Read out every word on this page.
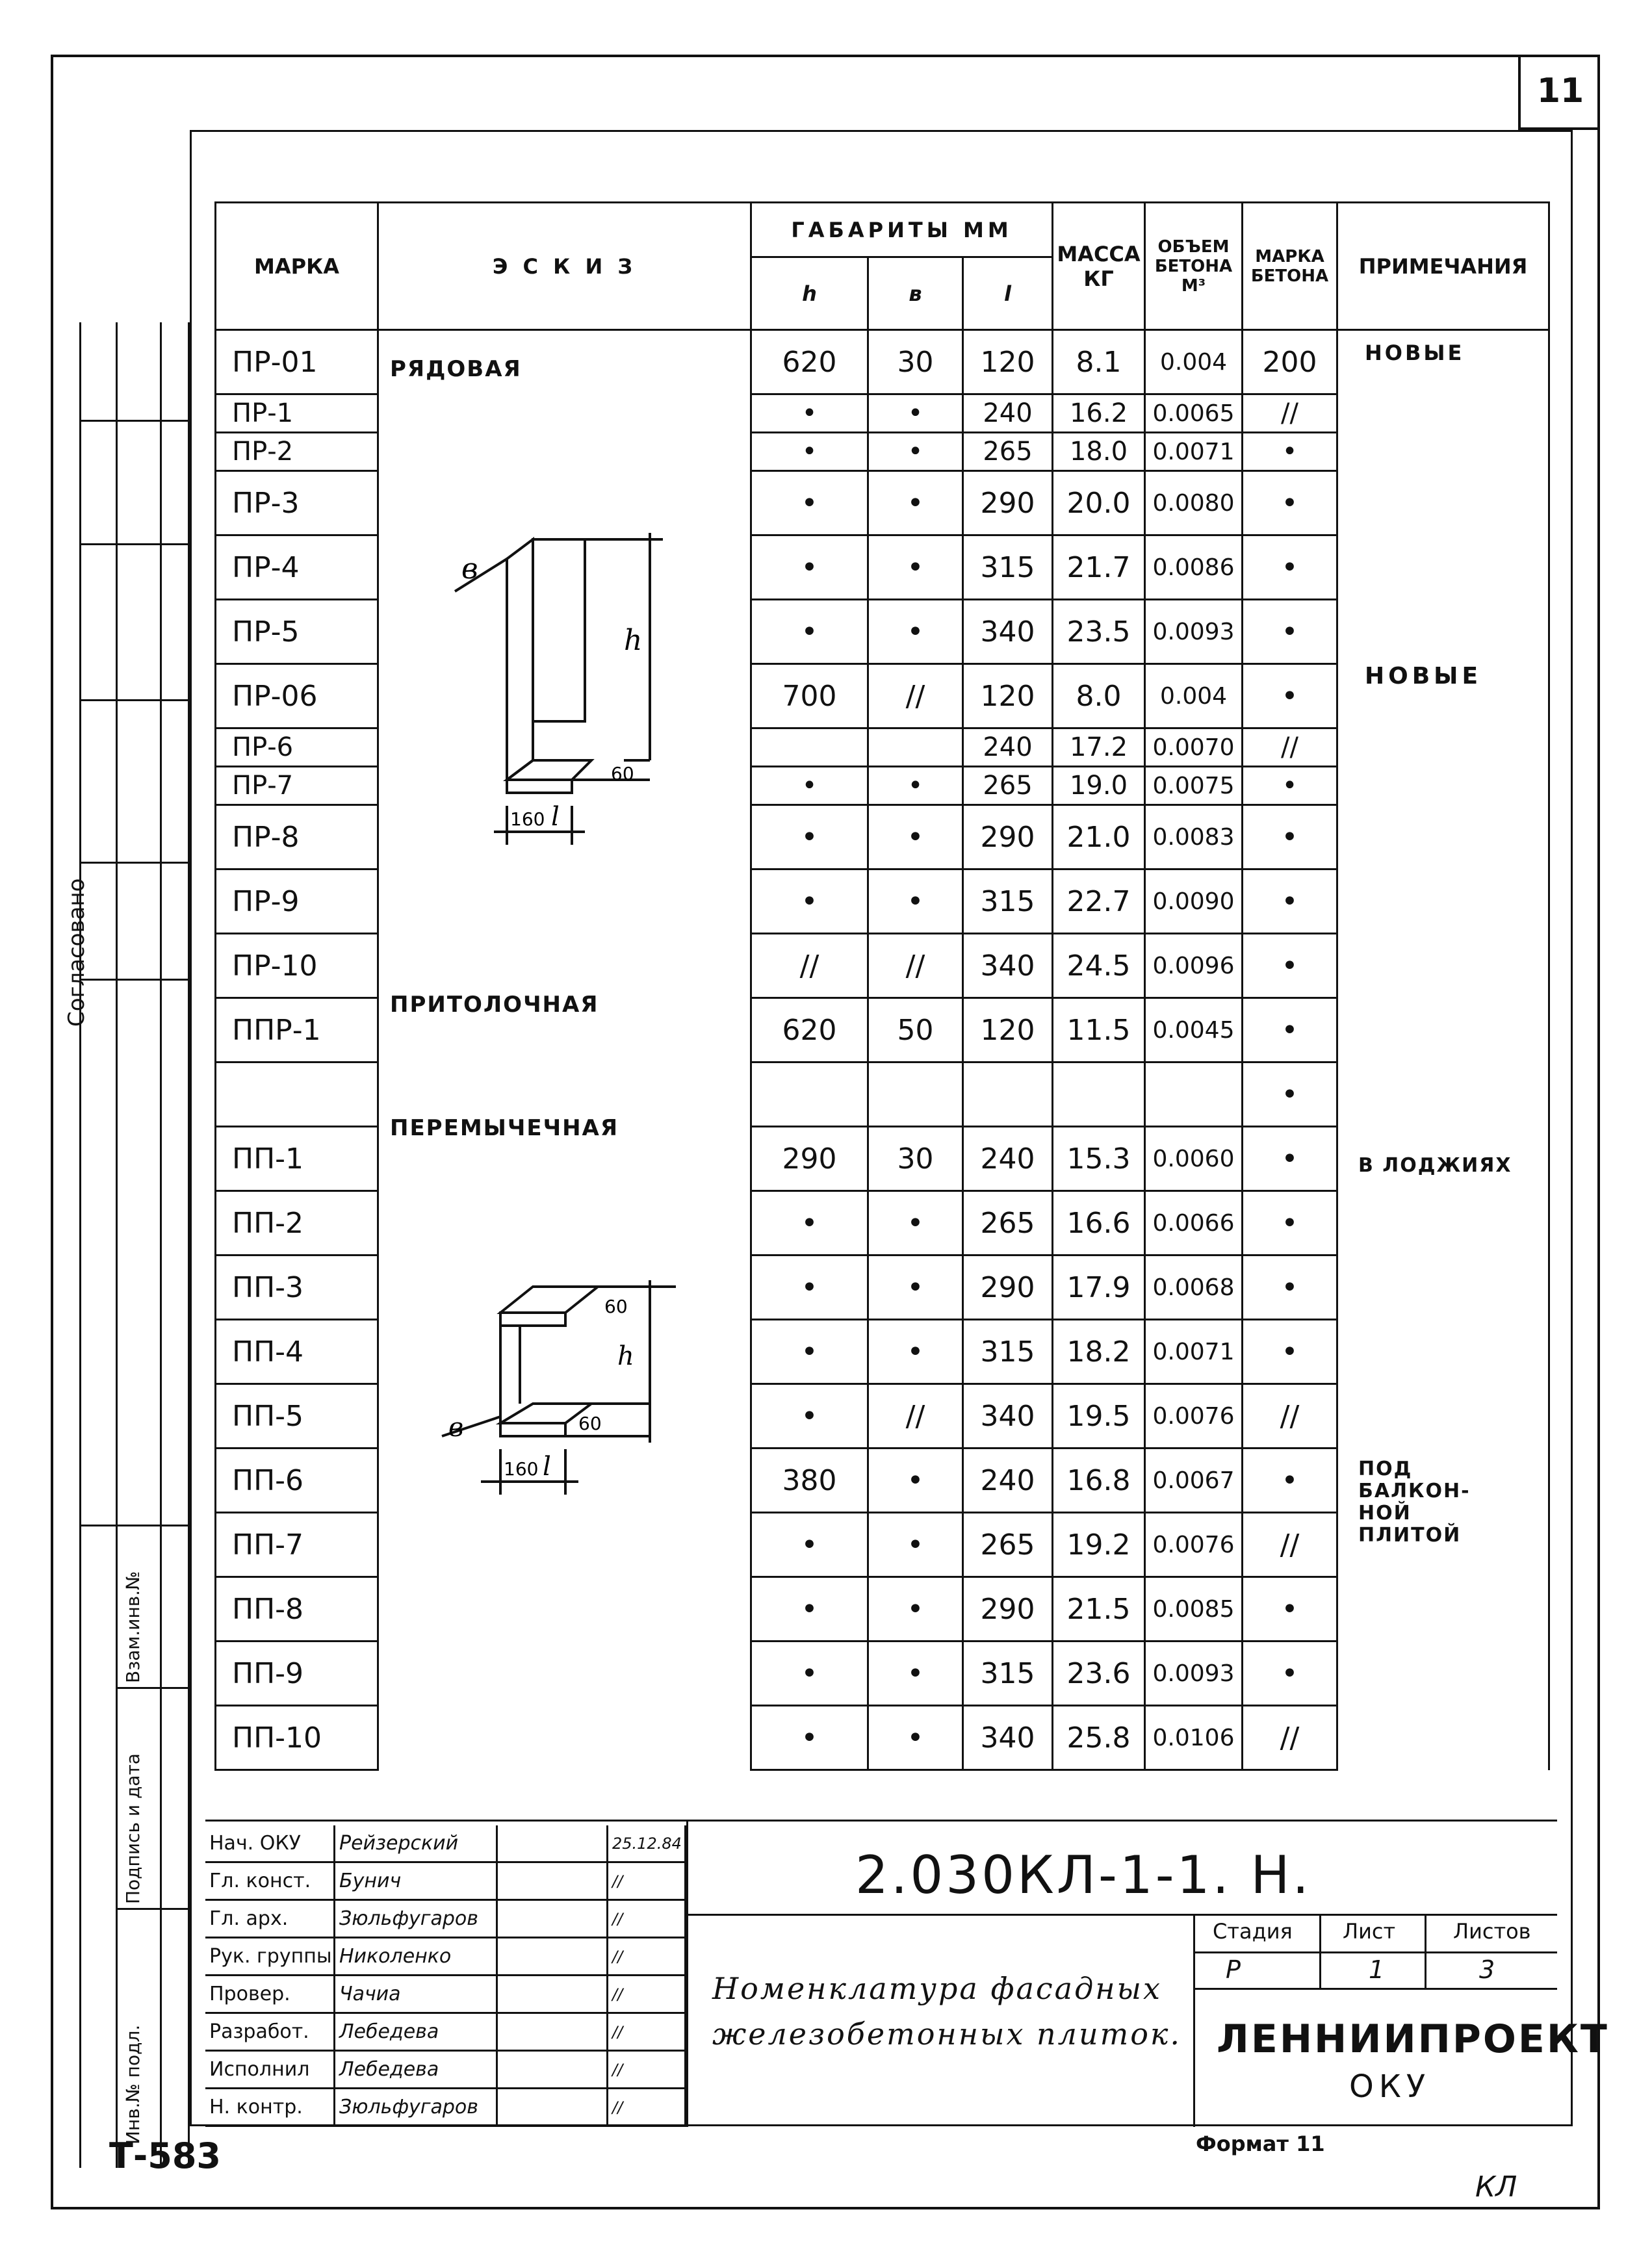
11
Согласовано
Взам.инв.№
Подпись и дата
Инв.№ подл.
МАРКА	Э С К И З	ГАБАРИТЫ ММ			МАССА КГ	ОБЪЕМ БЕТОНА М³	МАРКА БЕТОНА	ПРИМЕЧАНИЯ
		h	в	l				
ПР-01		620	30	120	8.1	0.004	200	
ПР-1		•	•	240	16.2	0.0065	//	
ПР-2		•	•	265	18.0	0.0071	•	
ПР-3		•	•	290	20.0	0.0080	•	
ПР-4		•	•	315	21.7	0.0086	•	
ПР-5		•	•	340	23.5	0.0093	•	
ПР-06		700	//	120	8.0	0.004	•	
ПР-6				240	17.2	0.0070	//	
ПР-7		•	•	265	19.0	0.0075	•	
ПР-8		•	•	290	21.0	0.0083	•	
ПР-9		•	•	315	22.7	0.0090	•	
ПР-10		//	//	340	24.5	0.0096	•	
ППР-1		620	50	120	11.5	0.0045	•	
							•	
ПП-1		290	30	240	15.3	0.0060	•	
ПП-2		•	•	265	16.6	0.0066	•	
ПП-3		•	•	290	17.9	0.0068	•	
ПП-4		•	•	315	18.2	0.0071	•	
ПП-5		•	//	340	19.5	0.0076	//	
ПП-6		380	•	240	16.8	0.0067	•	
ПП-7		•	•	265	19.2	0.0076	//	
ПП-8		•	•	290	21.5	0.0085	•	
ПП-9		•	•	315	23.6	0.0093	•	
ПП-10		•	•	340	25.8	0.0106	//	
РЯДОВАЯ
ПРИТОЛОЧНАЯ
ПЕРЕМЫЧЕЧНАЯ
в
h
60
160 l
60
h
60
в
160 l
НОВЫЕ
НОВЫЕ
В ЛОДЖИЯХ
ПОД БАЛКОН-НОЙ ПЛИТОЙ
Нач. ОКУ	Рейзерский	25.12.84
Гл. конст.	Бунич	//
Гл. арх.	Зюльфугаров	//
Рук. группы Николенко	//
Провер.	Чачиа	//
Разработ.	Лебедева	//
Исполнил	Лебедева	//
Н. контр.	Зюльфугаров	//
2.030КЛ-1-1. Н.
Номенклатура фасадных
железобетонных плиток.
Стадия Лист	Листов
Р	1	3
ЛЕННИИПРОЕКТ
ОКУ
Формат 11
Т-583
КЛ
